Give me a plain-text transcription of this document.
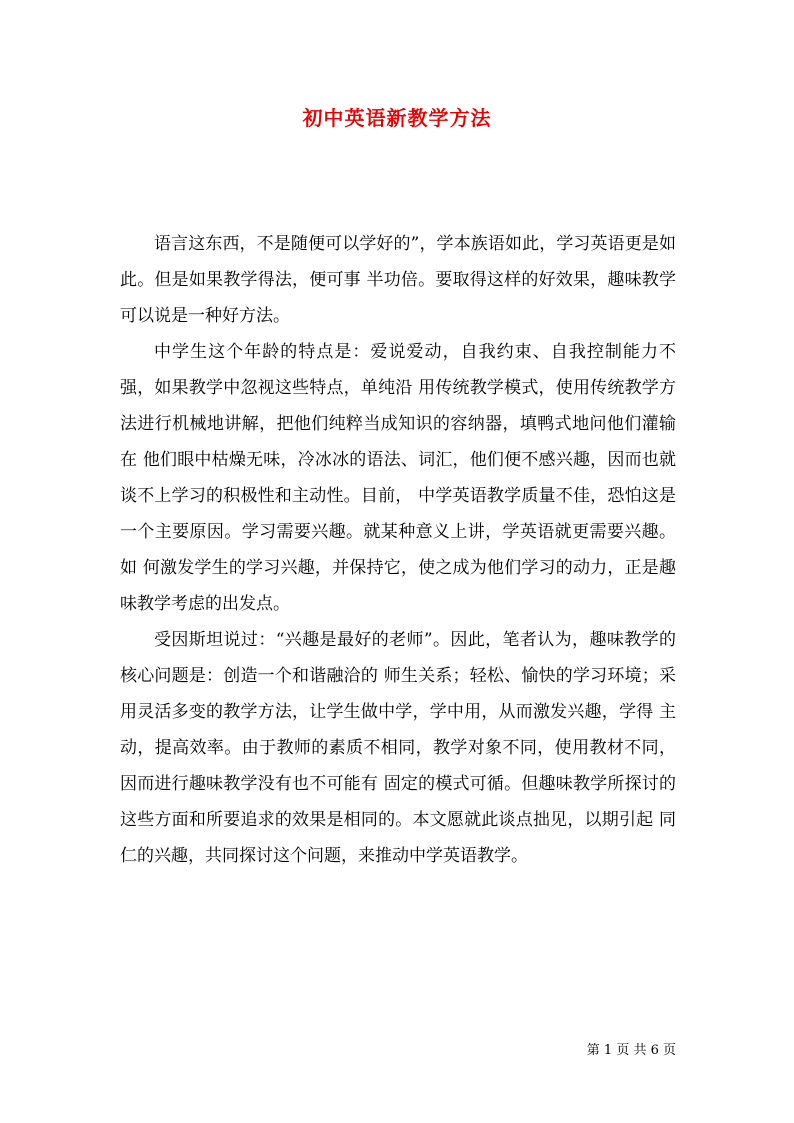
初中英语新教学方法

语言这东西，不是随便可以学好的”，学本族语如此，学习英语更是如此。但是如果教学得法，便可事 半功倍。要取得这样的好效果，趣味教学可以说是一种好方法。

中学生这个年龄的特点是：爱说爱动，自我约束、自我控制能力不强，如果教学中忽视这些特点，单纯沿 用传统教学模式，使用传统教学方法进行机械地讲解，把他们纯粹当成知识的容纳器，填鸭式地问他们灌输在 他们眼中枯燥无味，冷冰冰的语法、词汇，他们便不感兴趣，因而也就谈不上学习的积极性和主动性。目前， 中学英语教学质量不佳，恐怕这是一个主要原因。学习需要兴趣。就某种意义上讲，学英语就更需要兴趣。如 何激发学生的学习兴趣，并保持它，使之成为他们学习的动力，正是趣味教学考虑的出发点。

受因斯坦说过：“兴趣是最好的老师”。因此，笔者认为，趣味教学的核心问题是：创造一个和谐融洽的 师生关系；轻松、愉快的学习环境；采用灵活多变的教学方法，让学生做中学，学中用，从而激发兴趣，学得 主动，提高效率。由于教师的素质不相同，教学对象不同，使用教材不同，因而进行趣味教学没有也不可能有 固定的模式可循。但趣味教学所探讨的这些方面和所要追求的效果是相同的。本文愿就此谈点拙见，以期引起 同仁的兴趣，共同探讨这个问题，来推动中学英语教学。

第 1 页 共 6 页
